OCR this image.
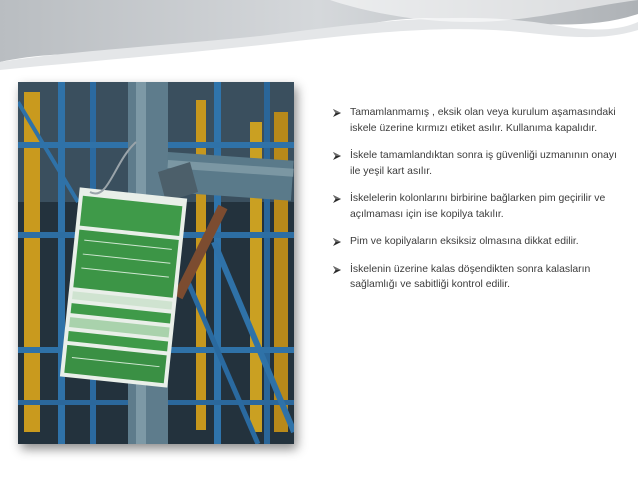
Tamamlanmamış , eksik olan veya kurulum aşamasındaki iskele üzerine kırmızı etiket asılır. Kullanıma kapalıdır.
İskele tamamlandıktan sonra iş güvenliği uzmanının onayı ile yeşil kart asılır.
İskelelerin kolonlarını birbirine bağlarken pim geçirilir ve açılmaması için ise kopilya takılır.
Pim ve kopilyaların eksiksiz olmasına dikkat edilir.
İskelenin üzerine kalas döşendikten sonra kalasların sağlamlığı ve sabitliği kontrol edilir.
